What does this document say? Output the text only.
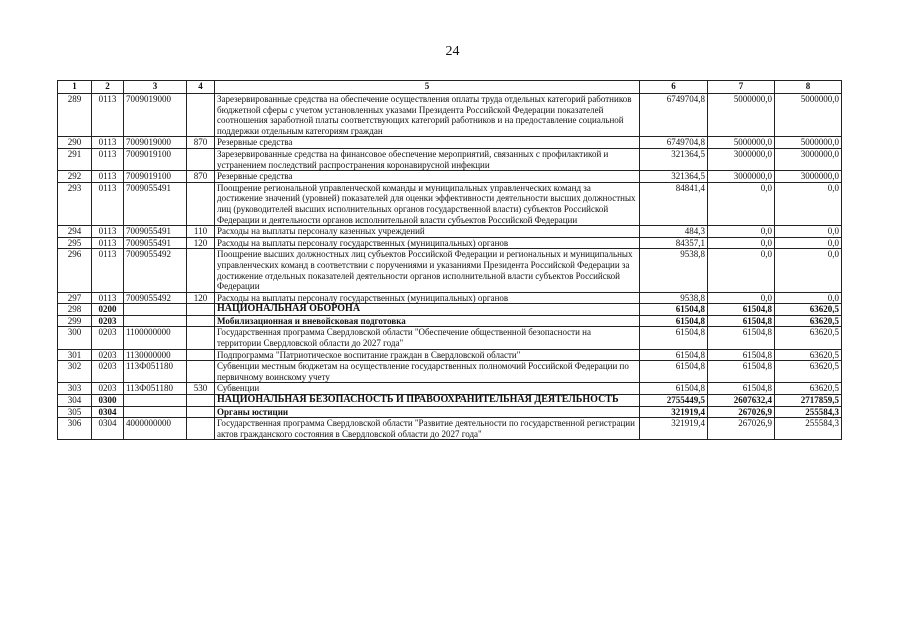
24
1	2	3	4	5	6	7	8
289	0113	7009019000		Зарезервированные средства на обеспечение осуществления оплаты труда отдельных категорий работников бюджетной сферы с учетом установленных указами Президента Российской Федерации показателей соотношения заработной платы соответствующих категорий работников и на предоставление социальной поддержки отдельным категориям граждан	6749704,8	5000000,0	5000000,0
290	0113	7009019000	870	Резервные средства	6749704,8	5000000,0	5000000,0
291	0113	7009019100		Зарезервированные средства на финансовое обеспечение мероприятий, связанных с профилактикой и устранением последствий распространения коронавирусной инфекции	321364,5	3000000,0	3000000,0
292	0113	7009019100	870	Резервные средства	321364,5	3000000,0	3000000,0
293	0113	7009055491		Поощрение региональной управленческой команды и муниципальных управленческих команд за достижение значений (уровней) показателей для оценки эффективности деятельности высших должностных лиц (руководителей высших исполнительных органов государственной власти) субъектов Российской Федерации и деятельности органов исполнительной власти субъектов Российской Федерации	84841,4	0,0	0,0
294	0113	7009055491	110	Расходы на выплаты персоналу казенных учреждений	484,3	0,0	0,0
295	0113	7009055491	120	Расходы на выплаты персоналу государственных (муниципальных) органов	84357,1	0,0	0,0
296	0113	7009055492		Поощрение высших должностных лиц субъектов Российской Федерации и региональных и муниципальных управленческих команд в соответствии с поручениями и указаниями Президента Российской Федерации за достижение отдельных показателей деятельности органов исполнительной власти субъектов Российской Федерации	9538,8	0,0	0,0
297	0113	7009055492	120	Расходы на выплаты персоналу государственных (муниципальных) органов	9538,8	0,0	0,0
298	0200			НАЦИОНАЛЬНАЯ ОБОРОНА	61504,8	61504,8	63620,5
299	0203			Мобилизационная и вневойсковая подготовка	61504,8	61504,8	63620,5
300	0203	1100000000		Государственная программа Свердловской области "Обеспечение общественной безопасности на территории Свердловской области до 2027 года"	61504,8	61504,8	63620,5
301	0203	1130000000		Подпрограмма "Патриотическое воспитание граждан в Свердловской области"	61504,8	61504,8	63620,5
302	0203	113Ф051180		Субвенции местным бюджетам на осуществление государственных полномочий Российской Федерации по первичному воинскому учету	61504,8	61504,8	63620,5
303	0203	113Ф051180	530	Субвенции	61504,8	61504,8	63620,5
304	0300			НАЦИОНАЛЬНАЯ БЕЗОПАСНОСТЬ И ПРАВООХРАНИТЕЛЬНАЯ ДЕЯТЕЛЬНОСТЬ	2755449,5	2607632,4	2717859,5
305	0304			Органы юстиции	321919,4	267026,9	255584,3
306	0304	4000000000		Государственная программа Свердловской области "Развитие деятельности по государственной регистрации актов гражданского состояния в Свердловской области до 2027 года"	321919,4	267026,9	255584,3
